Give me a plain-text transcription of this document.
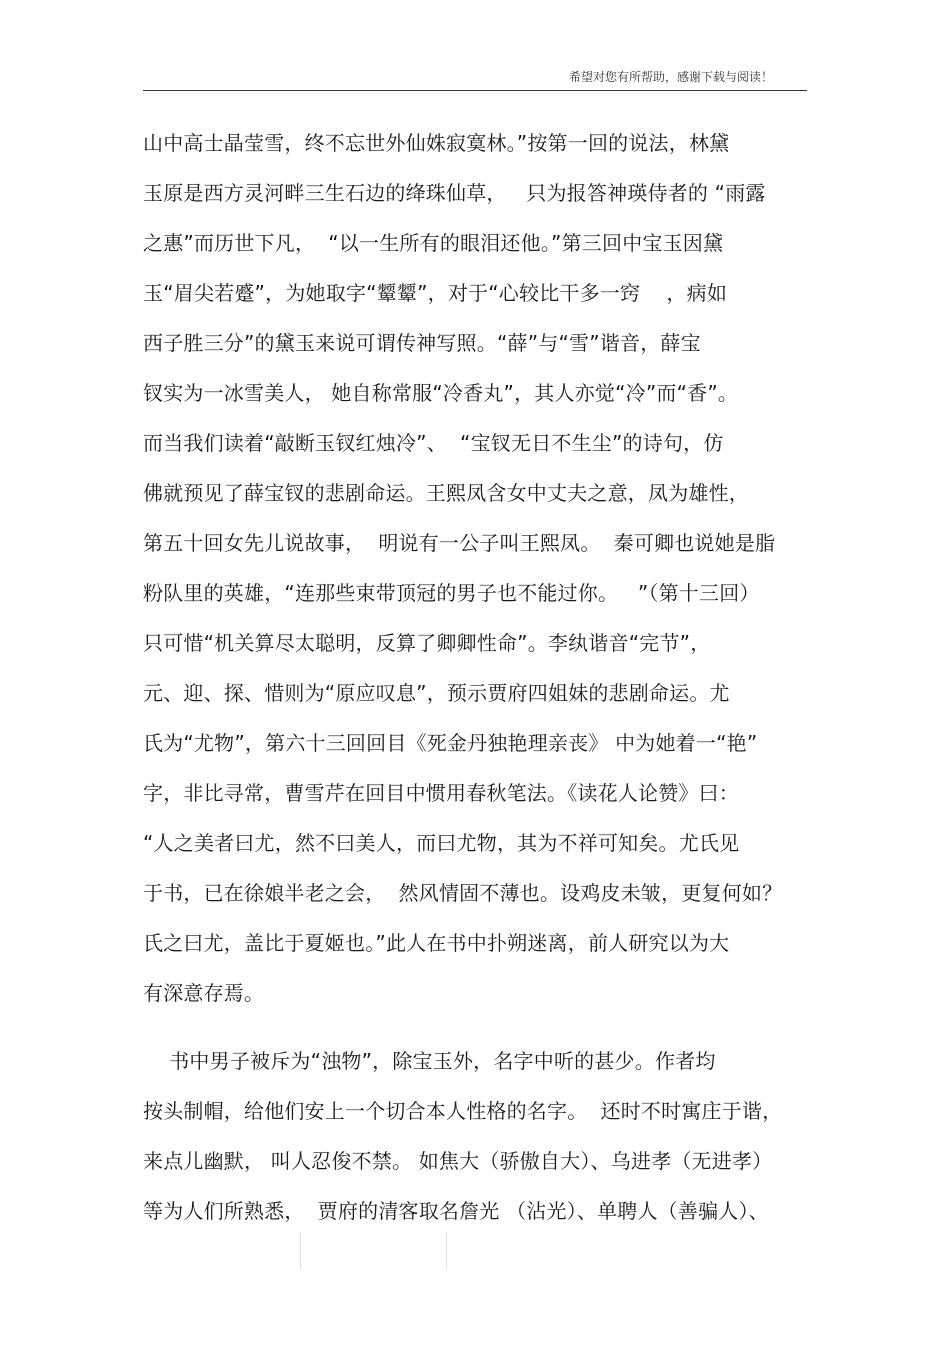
希望对您有所帮助，感谢下载与阅读！
山中高士晶莹雪，终不忘世外仙姝寂寞林。”按第一回的说法，林黛
玉原是西方灵河畔三生石边的绛珠仙草，   只为报答神瑛侍者的 “雨露
之惠”而历世下凡，  “以一生所有的眼泪还他。”第三回中宝玉因黛
玉“眉尖若蹙”，为她取字“颦颦”，对于“心较比干多一窍    ，病如
西子胜三分”的黛玉来说可谓传神写照。“薛”与“雪”谐音，薛宝
钗实为一冰雪美人， 她自称常服“冷香丸”，其人亦觉“冷”而“香”。
而当我们读着“敲断玉钗红烛冷”、  “宝钗无日不生尘”的诗句，仿
佛就预见了薛宝钗的悲剧命运。王熙凤含女中丈夫之意，凤为雄性，
第五十回女先儿说故事，  明说有一公子叫王熙凤。  秦可卿也说她是脂
粉队里的英雄，“连那些束带顶冠的男子也不能过你。   ”（第十三回）
只可惜“机关算尽太聪明，反算了卿卿性命”。李纨谐音“完节”，
元、迎、探、惜则为“原应叹息”，预示贾府四姐妹的悲剧命运。尤
氏为“尤物”，第六十三回回目《死金丹独艳理亲丧》 中为她着一“艳”
字，非比寻常，曹雪芹在回目中惯用春秋笔法。《读花人论赞》曰：
“人之美者曰尤，然不曰美人，而曰尤物，其为不祥可知矣。尤氏见
于书，已在徐娘半老之会，  然风情固不薄也。设鸡皮未皱，更复何如？
氏之曰尤，盖比于夏姬也。”此人在书中扑朔迷离，前人研究以为大
有深意存焉。
书中男子被斥为“浊物”，除宝玉外，名字中听的甚少。作者均
按头制帽，给他们安上一个切合本人性格的名字。  还时不时寓庄于谐，
来点儿幽默， 叫人忍俊不禁。 如焦大（骄傲自大）、乌进孝（无进孝）
等为人们所熟悉，  贾府的清客取名詹光 （沾光）、单聘人（善骗人）、
